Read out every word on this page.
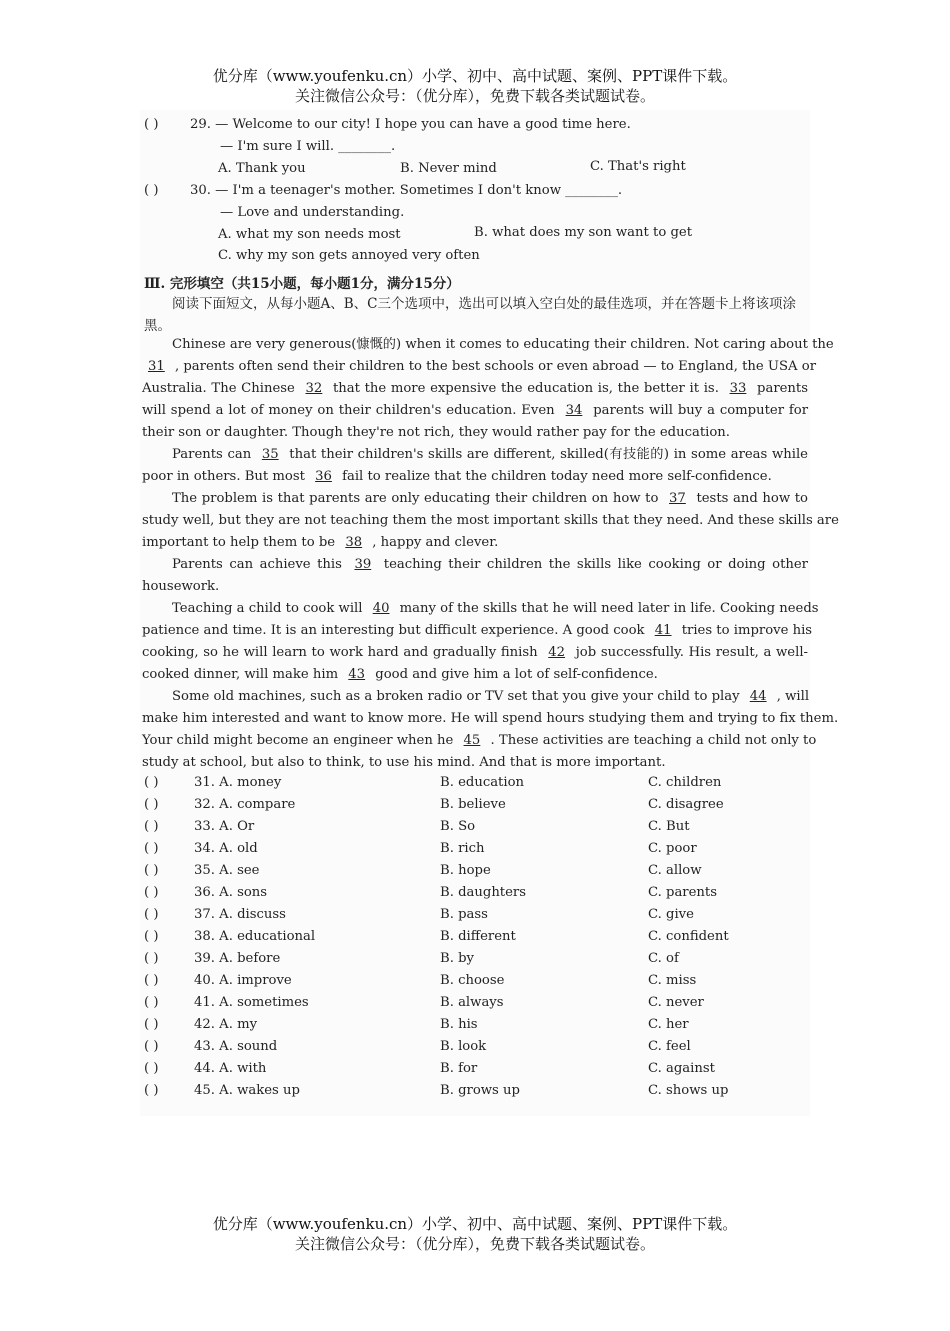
优分库（www.youfenku.cn）小学、初中、高中试题、案例、PPT课件下载。
关注微信公众号：（优分库），免费下载各类试题试卷。
( ) 29. — Welcome to our city! I hope you can have a good time here.
— I'm sure I will. ________.
A. Thank you	B. Never mind	C. That's right
( ) 30. — I'm a teenager's mother. Sometimes I don't know ________.
— Love and understanding.
A. what my son needs most	B. what does my son want to get
C. why my son gets annoyed very often
Ⅲ. 完形填空（共15小题，每小题1分，满分15分）
阅读下面短文，从每小题A、B、C三个选项中，选出可以填入空白处的最佳选项，并在答题卡上将该项涂黑。
Chinese are very generous(慷慨的) when it comes to educating their children. Not caring about the
31 , parents often send their children to the best schools or even abroad — to England, the USA or
Australia. The Chinese 32 that the more expensive the education is, the better it is. 33 parents
will spend a lot of money on their children's education. Even 34 parents will buy a computer for
their son or daughter. Though they're not rich, they would rather pay for the education.
Parents can 35 that their children's skills are different, skilled(有技能的) in some areas while
poor in others. But most 36 fail to realize that the children today need more self-confidence.
The problem is that parents are only educating their children on how to 37 tests and how to
study well, but they are not teaching them the most important skills that they need. And these skills are
important to help them to be 38 , happy and clever.
Parents can achieve this 39 teaching their children the skills like cooking or doing other
housework.
Teaching a child to cook will 40 many of the skills that he will need later in life. Cooking needs
patience and time. It is an interesting but difficult experience. A good cook 41 tries to improve his
cooking, so he will learn to work hard and gradually finish 42 job successfully. His result, a well-
cooked dinner, will make him 43 good and give him a lot of self-confidence.
Some old machines, such as a broken radio or TV set that you give your child to play 44 , will
make him interested and want to know more. He will spend hours studying them and trying to fix them.
Your child might become an engineer when he 45 . These activities are teaching a child not only to
study at school, but also to think, to use his mind. And that is more important.
( )	31. A. money	B. education	C. children
( )	32. A. compare	B. believe	C. disagree
( )	33. A. Or	B. So	C. But
( )	34. A. old	B. rich	C. poor
( )	35. A. see	B. hope	C. allow
( )	36. A. sons	B. daughters	C. parents
( )	37. A. discuss	B. pass	C. give
( )	38. A. educational	B. different	C. confident
( )	39. A. before	B. by	C. of
( )	40. A. improve	B. choose	C. miss
( )	41. A. sometimes	B. always	C. never
( )	42. A. my	B. his	C. her
( )	43. A. sound	B. look	C. feel
( )	44. A. with	B. for	C. against
( )	45. A. wakes up	B. grows up	C. shows up
优分库（www.youfenku.cn）小学、初中、高中试题、案例、PPT课件下载。
关注微信公众号：（优分库），免费下载各类试题试卷。
